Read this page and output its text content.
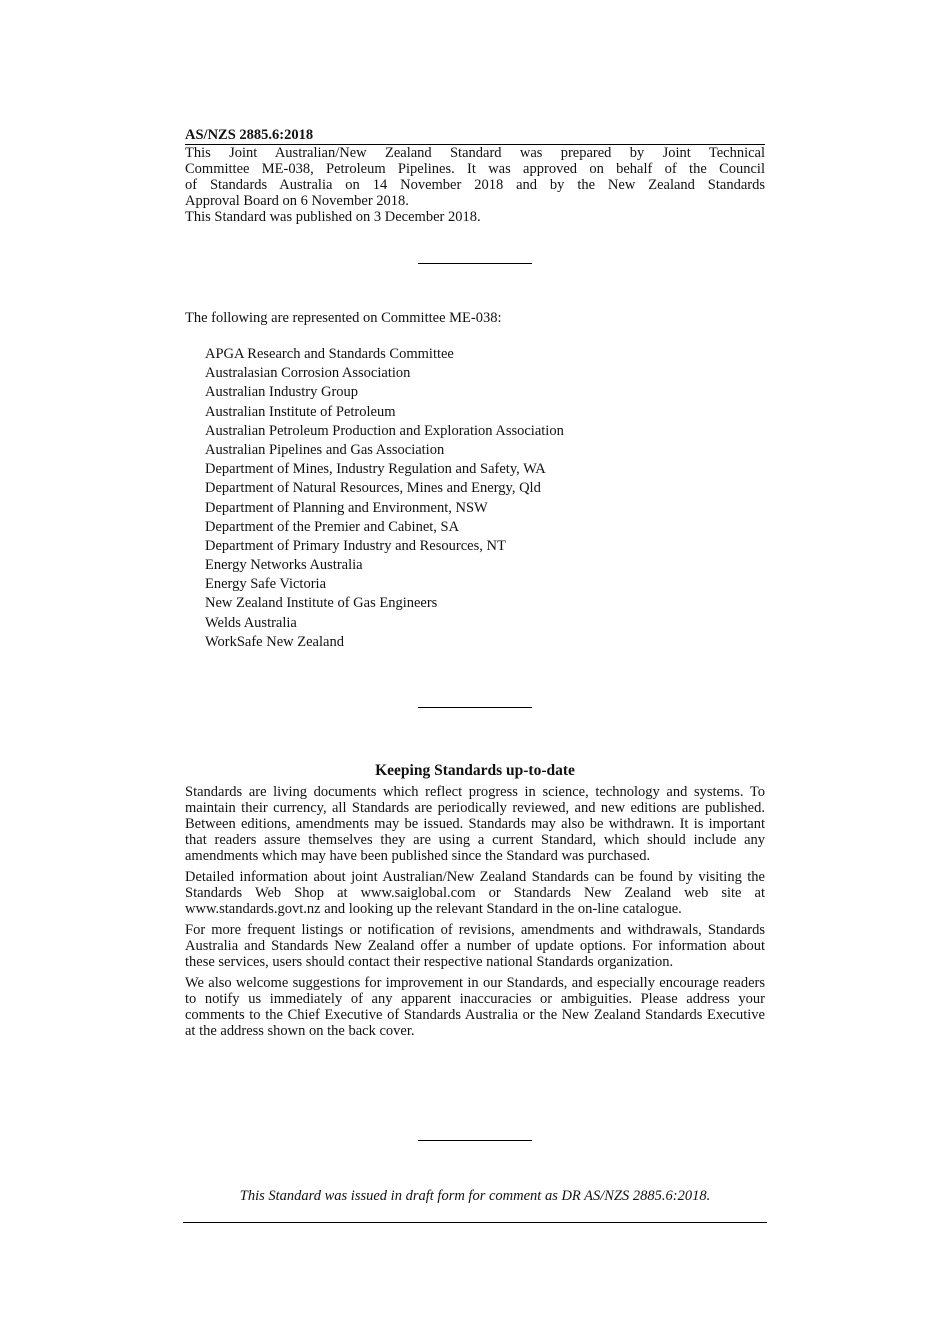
AS/NZS 2885.6:2018

This Joint Australian/New Zealand Standard was prepared by Joint Technical

Committee ME-038, Petroleum Pipelines. It was approved on behalf of the Council

of Standards Australia on 14 November 2018 and by the New Zealand Standards

Approval Board on 6 November 2018.

This Standard was published on 3 December 2018.

The following are represented on Committee ME-038:

APGA Research and Standards Committee
Australasian Corrosion Association
Australian Industry Group
Australian Institute of Petroleum
Australian Petroleum Production and Exploration Association
Australian Pipelines and Gas Association
Department of Mines, Industry Regulation and Safety, WA
Department of Natural Resources, Mines and Energy, Qld
Department of Planning and Environment, NSW
Department of the Premier and Cabinet, SA
Department of Primary Industry and Resources, NT
Energy Networks Australia
Energy Safe Victoria
New Zealand Institute of Gas Engineers
Welds Australia
WorkSafe New Zealand
Keeping Standards up-to-date

Standards are living documents which reflect progress in science, technology and systems. To maintain their currency, all Standards are periodically reviewed, and new editions are published. Between editions, amendments may be issued. Standards may also be withdrawn. It is important that readers assure themselves they are using a current Standard, which should include any amendments which may have been published since the Standard was purchased.

Detailed information about joint Australian/New Zealand Standards can be found by visiting the Standards Web Shop at www.saiglobal.com or Standards New Zealand web site at www.standards.govt.nz and looking up the relevant Standard in the on-line catalogue.

For more frequent listings or notification of revisions, amendments and withdrawals, Standards Australia and Standards New Zealand offer a number of update options. For information about these services, users should contact their respective national Standards organization.

We also welcome suggestions for improvement in our Standards, and especially encourage readers to notify us immediately of any apparent inaccuracies or ambiguities. Please address your comments to the Chief Executive of Standards Australia or the New Zealand Standards Executive at the address shown on the back cover.

This Standard was issued in draft form for comment as DR AS/NZS 2885.6:2018.
